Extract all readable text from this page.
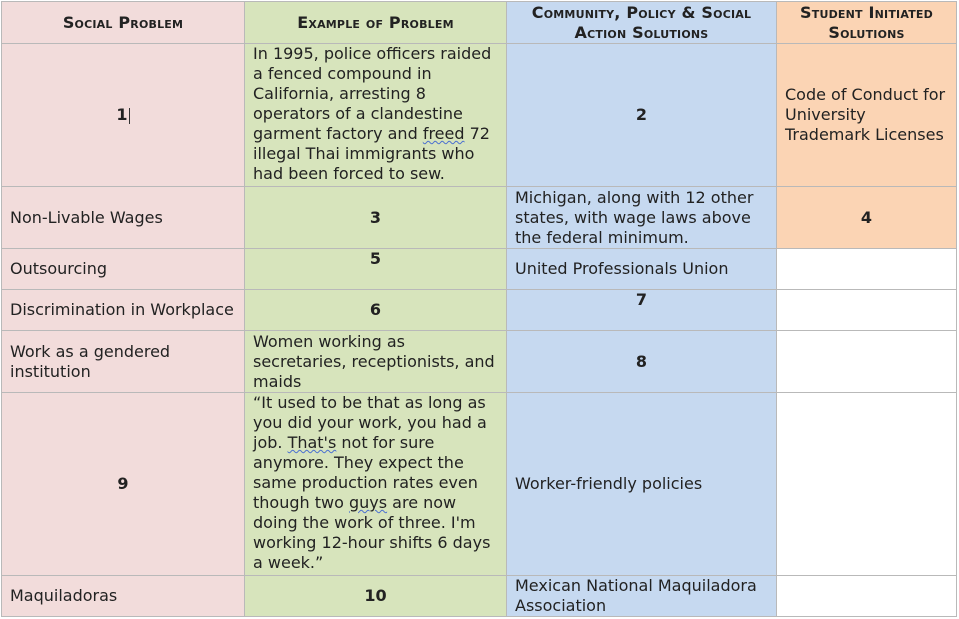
Social Problem	Example of Problem	Community, Policy & Social Action Solutions	Student Initiated Solutions
1	In 1995, police officers raided a fenced compound in California, arresting 8 operators of a clandestine garment factory and freed 72 illegal Thai immigrants who had been forced to sew.	2	Code of Conduct for University Trademark Licenses
Non-Livable Wages	3	Michigan, along with 12 other states, with wage laws above the federal minimum.	4
Outsourcing	5	United Professionals Union	
Discrimination in Workplace	6	7	
Work as a gendered institution	Women working as secretaries, receptionists, and maids	8	
9	“It used to be that as long as you did your work, you had a job. That's not for sure anymore. They expect the same production rates even though two guys are now doing the work of three. I'm working 12-hour shifts 6 days a week.”	Worker-friendly policies	
Maquiladoras	10	Mexican National Maquiladora Association	
